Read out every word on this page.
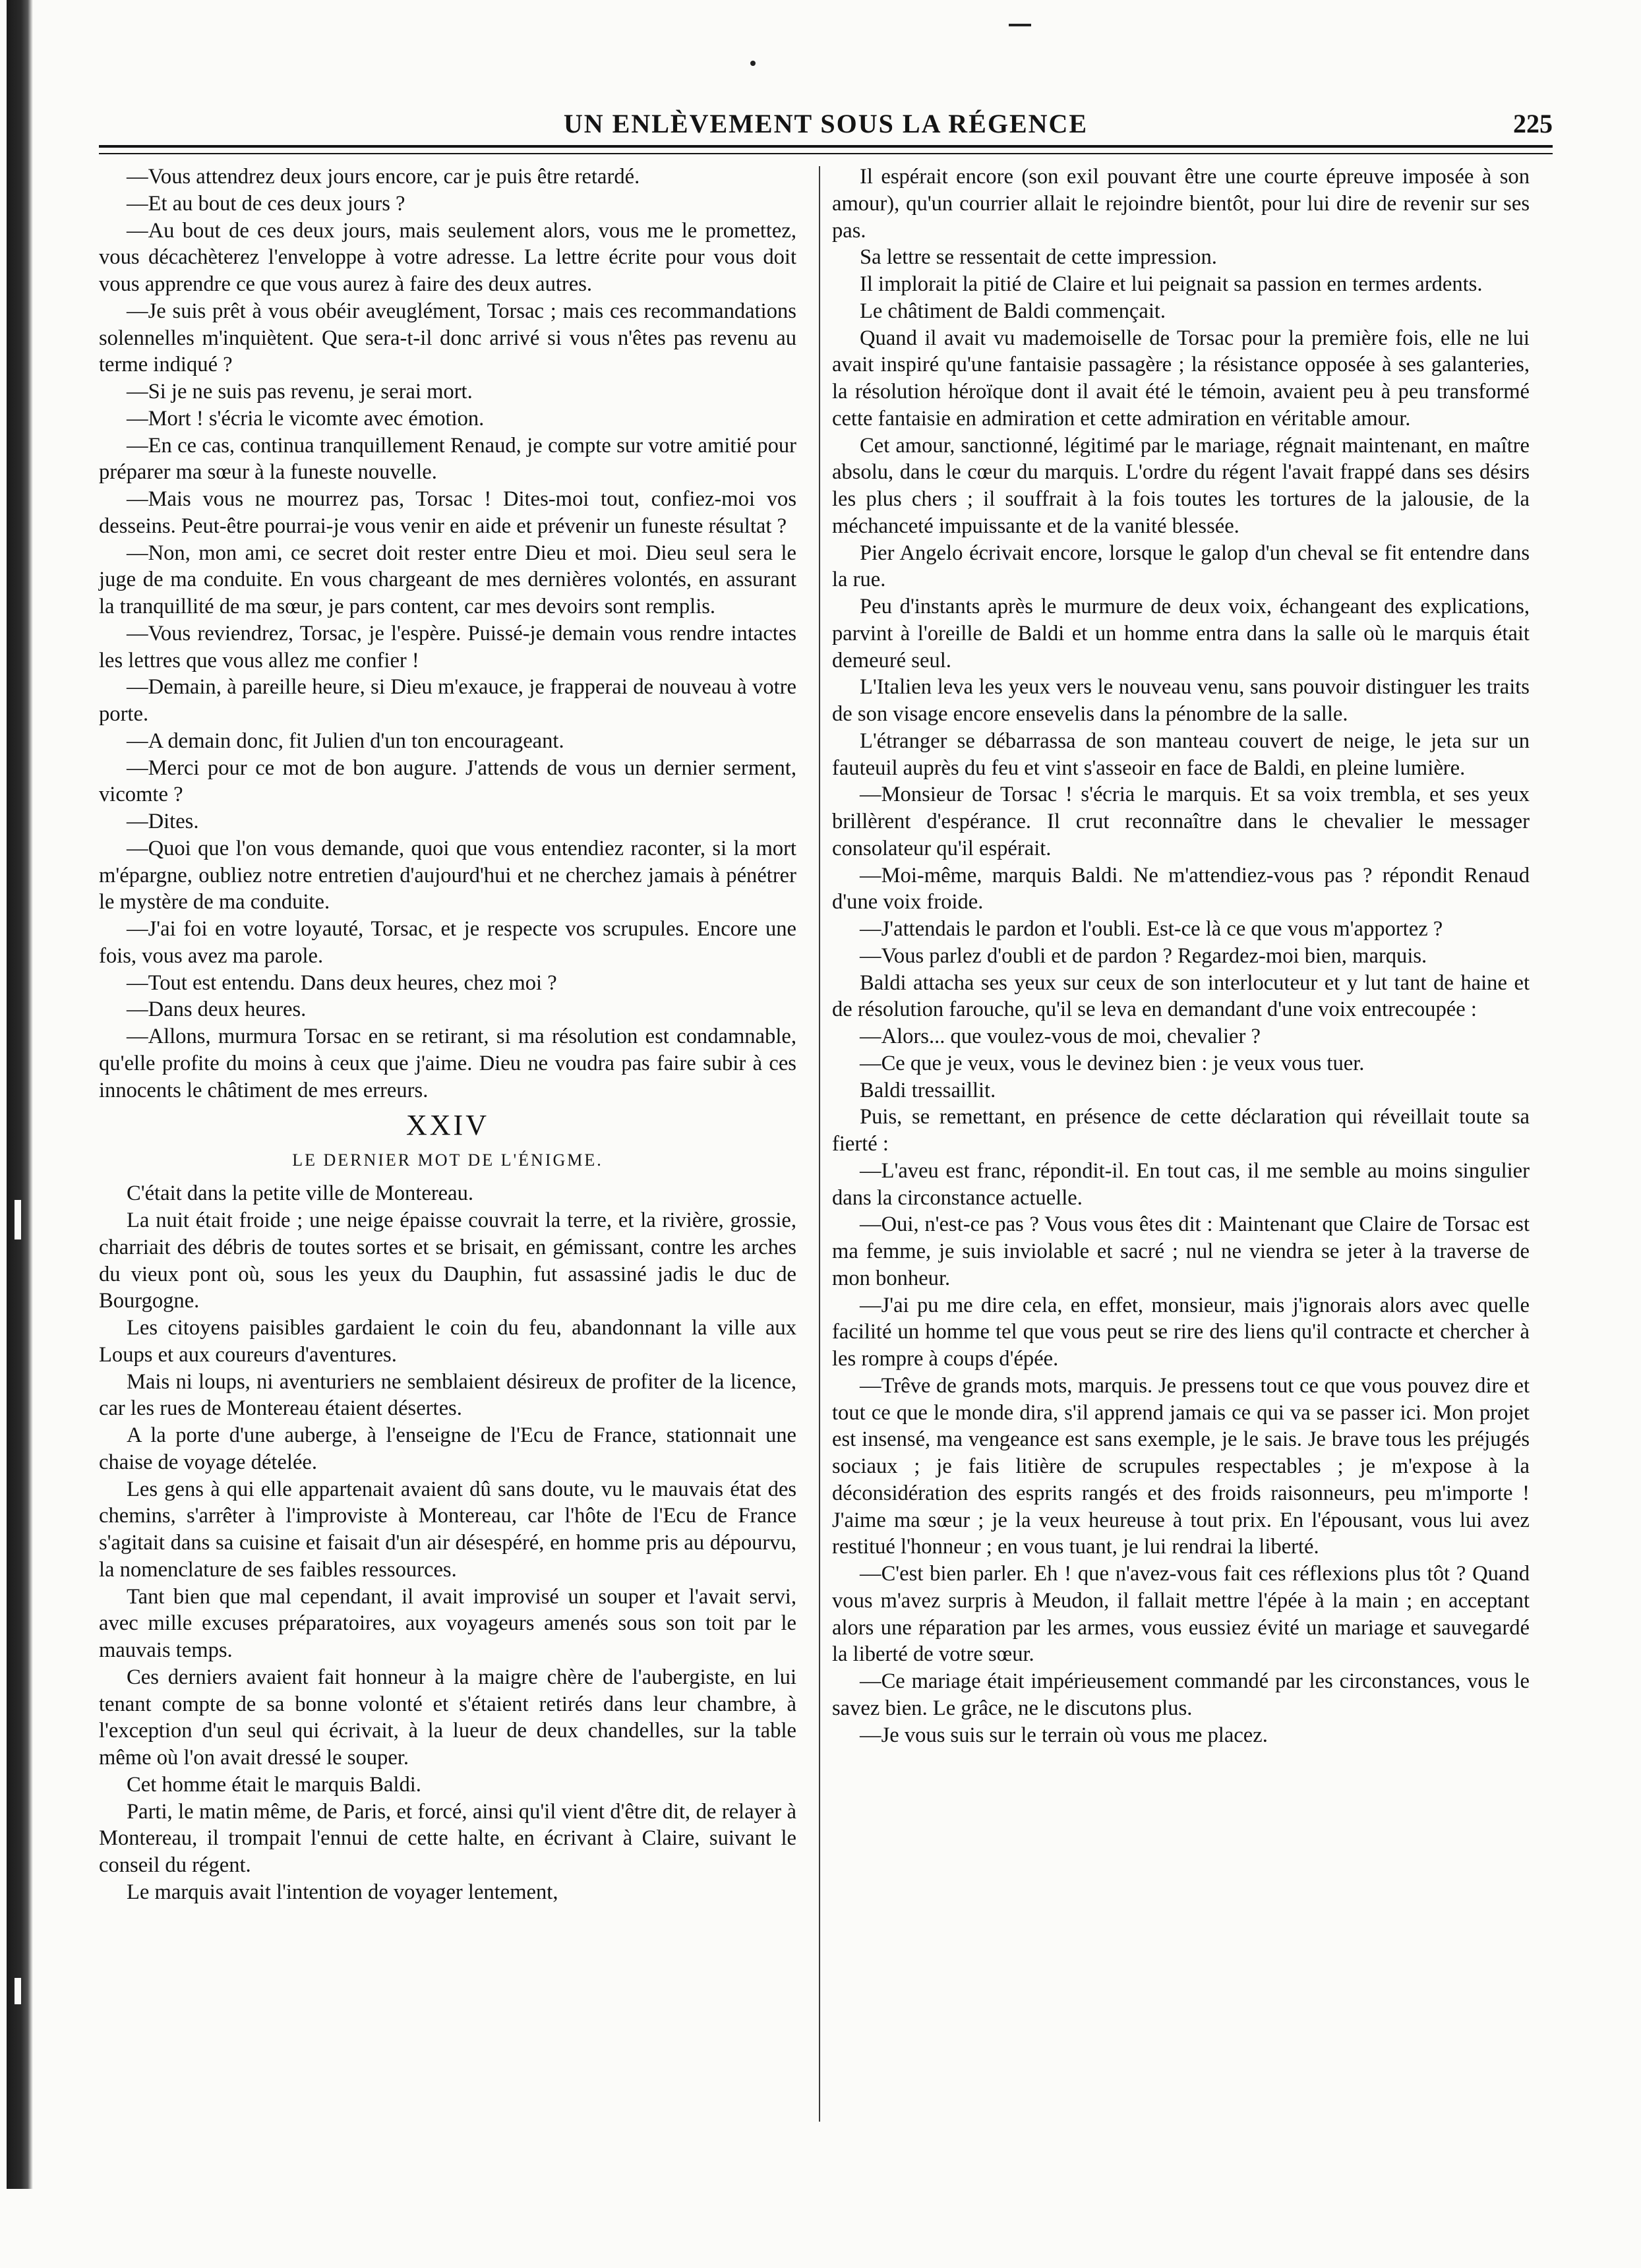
UN ENLÈVEMENT SOUS LA RÉGENCE	225

—Vous attendrez deux jours encore, car je puis être retardé.

—Et au bout de ces deux jours ?

—Au bout de ces deux jours, mais seulement alors, vous me le promettez, vous décachèterez l'enveloppe à votre adresse. La lettre écrite pour vous doit vous apprendre ce que vous aurez à faire des deux autres.

—Je suis prêt à vous obéir aveuglément, Torsac ; mais ces recommandations solennelles m'inquiètent. Que sera-t-il donc arrivé si vous n'êtes pas revenu au terme indiqué ?

—Si je ne suis pas revenu, je serai mort.

—Mort ! s'écria le vicomte avec émotion.

—En ce cas, continua tranquillement Renaud, je compte sur votre amitié pour préparer ma sœur à la funeste nouvelle.

—Mais vous ne mourrez pas, Torsac ! Dites-moi tout, confiez-moi vos desseins. Peut-être pourrai-je vous venir en aide et prévenir un funeste résultat ?

—Non, mon ami, ce secret doit rester entre Dieu et moi. Dieu seul sera le juge de ma conduite. En vous chargeant de mes dernières volontés, en assurant la tranquillité de ma sœur, je pars content, car mes devoirs sont remplis.

—Vous reviendrez, Torsac, je l'espère. Puissé-je demain vous rendre intactes les lettres que vous allez me confier !

—Demain, à pareille heure, si Dieu m'exauce, je frapperai de nouveau à votre porte.

—A demain donc, fit Julien d'un ton encourageant.

—Merci pour ce mot de bon augure. J'attends de vous un dernier serment, vicomte ?

—Dites.

—Quoi que l'on vous demande, quoi que vous entendiez raconter, si la mort m'épargne, oubliez notre entretien d'aujourd'hui et ne cherchez jamais à pénétrer le mystère de ma conduite.

—J'ai foi en votre loyauté, Torsac, et je respecte vos scrupules. Encore une fois, vous avez ma parole.

—Tout est entendu. Dans deux heures, chez moi ?

—Dans deux heures.

—Allons, murmura Torsac en se retirant, si ma résolution est condamnable, qu'elle profite du moins à ceux que j'aime. Dieu ne voudra pas faire subir à ces innocents le châtiment de mes erreurs.

XXIV
LE DERNIER MOT DE L'ÉNIGME.

C'était dans la petite ville de Montereau.

La nuit était froide ; une neige épaisse couvrait la terre, et la rivière, grossie, charriait des débris de toutes sortes et se brisait, en gémissant, contre les arches du vieux pont où, sous les yeux du Dauphin, fut assassiné jadis le duc de Bourgogne.

Les citoyens paisibles gardaient le coin du feu, abandonnant la ville aux Loups et aux coureurs d'aventures.

Mais ni loups, ni aventuriers ne semblaient désireux de profiter de la licence, car les rues de Montereau étaient désertes.

A la porte d'une auberge, à l'enseigne de l'Ecu de France, stationnait une chaise de voyage dételée.

Les gens à qui elle appartenait avaient dû sans doute, vu le mauvais état des chemins, s'arrêter à l'improviste à Montereau, car l'hôte de l'Ecu de France s'agitait dans sa cuisine et faisait d'un air désespéré, en homme pris au dépourvu, la nomenclature de ses faibles ressources.

Tant bien que mal cependant, il avait improvisé un souper et l'avait servi, avec mille excuses préparatoires, aux voyageurs amenés sous son toit par le mauvais temps.

Ces derniers avaient fait honneur à la maigre chère de l'aubergiste, en lui tenant compte de sa bonne volonté et s'étaient retirés dans leur chambre, à l'exception d'un seul qui écrivait, à la lueur de deux chandelles, sur la table même où l'on avait dressé le souper.

Cet homme était le marquis Baldi.

Parti, le matin même, de Paris, et forcé, ainsi qu'il vient d'être dit, de relayer à Montereau, il trompait l'ennui de cette halte, en écrivant à Claire, suivant le conseil du régent.

Le marquis avait l'intention de voyager lentement,

Il espérait encore (son exil pouvant être une courte épreuve imposée à son amour), qu'un courrier allait le rejoindre bientôt, pour lui dire de revenir sur ses pas.

Sa lettre se ressentait de cette impression.

Il implorait la pitié de Claire et lui peignait sa passion en termes ardents.

Le châtiment de Baldi commençait.

Quand il avait vu mademoiselle de Torsac pour la première fois, elle ne lui avait inspiré qu'une fantaisie passagère ; la résistance opposée à ses galanteries, la résolution héroïque dont il avait été le témoin, avaient peu à peu transformé cette fantaisie en admiration et cette admiration en véritable amour.

Cet amour, sanctionné, légitimé par le mariage, régnait maintenant, en maître absolu, dans le cœur du marquis. L'ordre du régent l'avait frappé dans ses désirs les plus chers ; il souffrait à la fois toutes les tortures de la jalousie, de la méchanceté impuissante et de la vanité blessée.

Pier Angelo écrivait encore, lorsque le galop d'un cheval se fit entendre dans la rue.

Peu d'instants après le murmure de deux voix, échangeant des explications, parvint à l'oreille de Baldi et un homme entra dans la salle où le marquis était demeuré seul.

L'Italien leva les yeux vers le nouveau venu, sans pouvoir distinguer les traits de son visage encore ensevelis dans la pénombre de la salle.

L'étranger se débarrassa de son manteau couvert de neige, le jeta sur un fauteuil auprès du feu et vint s'asseoir en face de Baldi, en pleine lumière.

—Monsieur de Torsac ! s'écria le marquis. Et sa voix trembla, et ses yeux brillèrent d'espérance. Il crut reconnaître dans le chevalier le messager consolateur qu'il espérait.

—Moi-même, marquis Baldi. Ne m'attendiez-vous pas ? répondit Renaud d'une voix froide.

—J'attendais le pardon et l'oubli. Est-ce là ce que vous m'apportez ?

—Vous parlez d'oubli et de pardon ? Regardez-moi bien, marquis.

Baldi attacha ses yeux sur ceux de son interlocuteur et y lut tant de haine et de résolution farouche, qu'il se leva en demandant d'une voix entrecoupée :

—Alors... que voulez-vous de moi, chevalier ?

—Ce que je veux, vous le devinez bien : je veux vous tuer.

Baldi tressaillit.

Puis, se remettant, en présence de cette déclaration qui réveillait toute sa fierté :

—L'aveu est franc, répondit-il. En tout cas, il me semble au moins singulier dans la circonstance actuelle.

—Oui, n'est-ce pas ? Vous vous êtes dit : Maintenant que Claire de Torsac est ma femme, je suis inviolable et sacré ; nul ne viendra se jeter à la traverse de mon bonheur.

—J'ai pu me dire cela, en effet, monsieur, mais j'ignorais alors avec quelle facilité un homme tel que vous peut se rire des liens qu'il contracte et chercher à les rompre à coups d'épée.

—Trêve de grands mots, marquis. Je pressens tout ce que vous pouvez dire et tout ce que le monde dira, s'il apprend jamais ce qui va se passer ici. Mon projet est insensé, ma vengeance est sans exemple, je le sais. Je brave tous les préjugés sociaux ; je fais litière de scrupules respectables ; je m'expose à la déconsidération des esprits rangés et des froids raisonneurs, peu m'importe ! J'aime ma sœur ; je la veux heureuse à tout prix. En l'épousant, vous lui avez restitué l'honneur ; en vous tuant, je lui rendrai la liberté.

—C'est bien parler. Eh ! que n'avez-vous fait ces réflexions plus tôt ? Quand vous m'avez surpris à Meudon, il fallait mettre l'épée à la main ; en acceptant alors une réparation par les armes, vous eussiez évité un mariage et sauvegardé la liberté de votre sœur.

—Ce mariage était impérieusement commandé par les circonstances, vous le savez bien. Le grâce, ne le discutons plus.

—Je vous suis sur le terrain où vous me placez.
